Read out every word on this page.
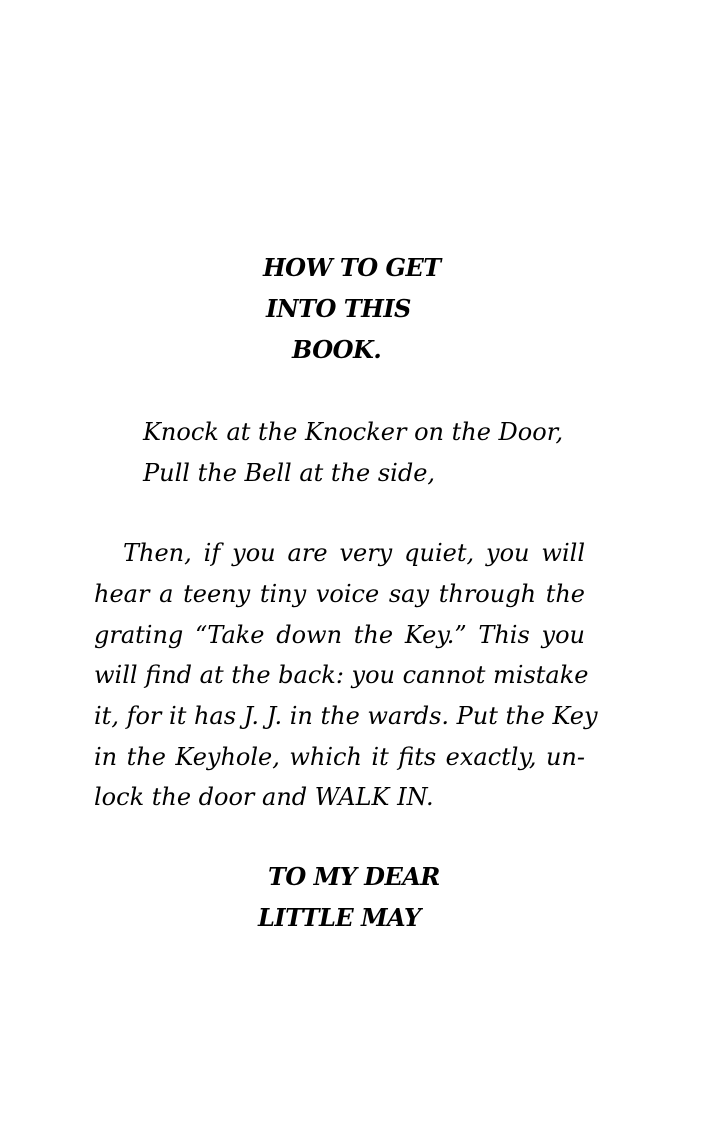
HOW TO GET
INTO THIS
BOOK.
Knock at the Knocker on the Door,
Pull the Bell at the side,
Then, if you are very quiet, you will
hear a teeny tiny voice say through the
grating “Take down the Key.” This you
will find at the back: you cannot mistake
it, for it has J. J. in the wards. Put the Key
in the Keyhole, which it fits exactly, un-
lock the door and WALK IN.
TO MY DEAR
LITTLE MAY
